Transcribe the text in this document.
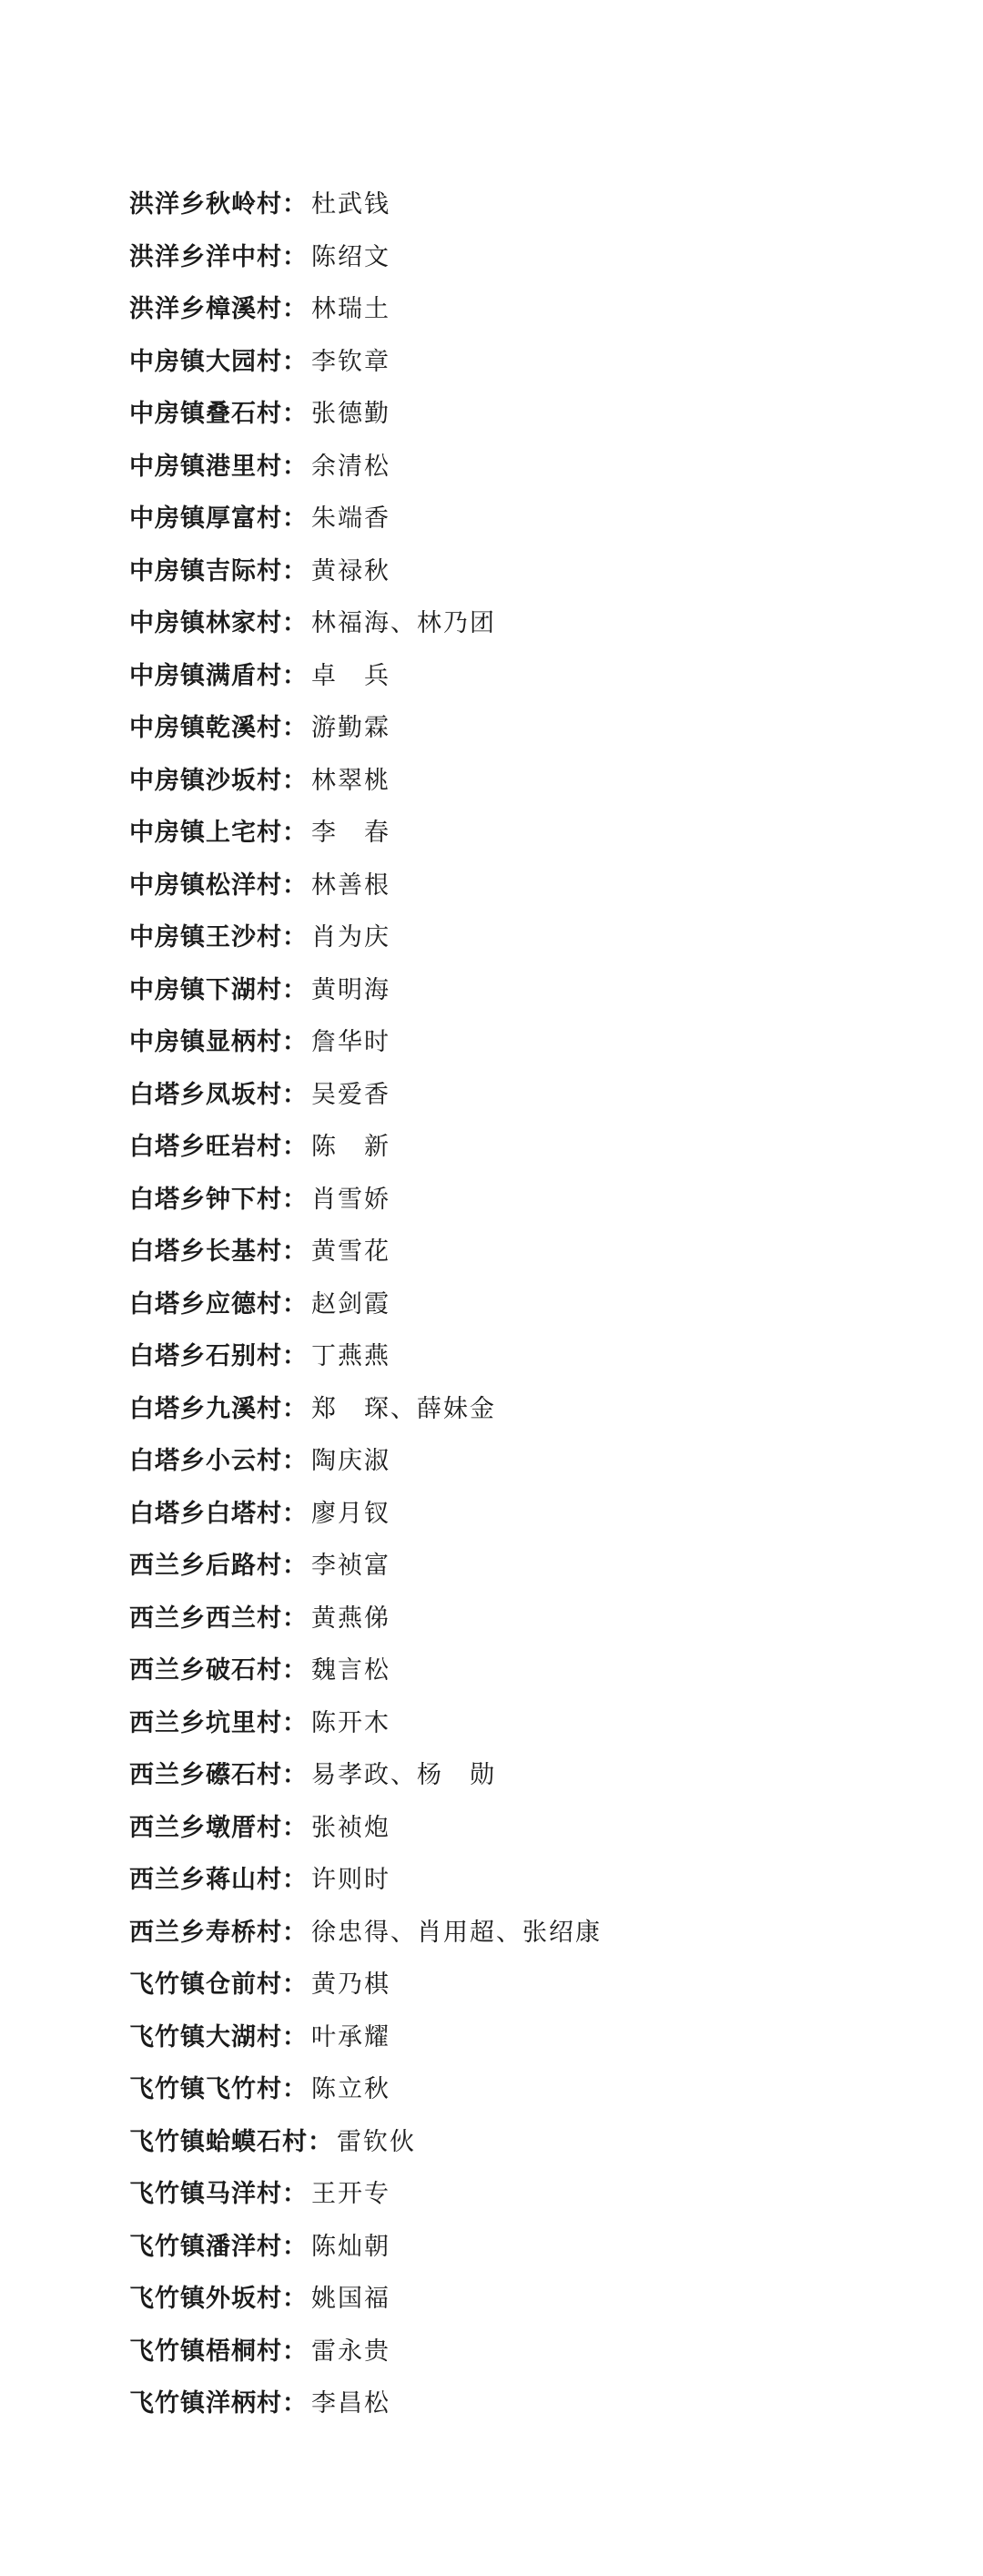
洪洋乡秋岭村： 杜武钱
洪洋乡洋中村： 陈绍文
洪洋乡樟溪村： 林瑞土
中房镇大园村： 李钦章
中房镇叠石村： 张德勤
中房镇港里村： 余清松
中房镇厚富村： 朱端香
中房镇吉际村： 黄禄秋
中房镇林家村： 林福海、林乃团
中房镇满盾村： 卓　兵
中房镇乾溪村： 游勤霖
中房镇沙坂村： 林翠桃
中房镇上宅村： 李　春
中房镇松洋村： 林善根
中房镇王沙村： 肖为庆
中房镇下湖村： 黄明海
中房镇显柄村： 詹华时
白塔乡凤坂村： 吴爱香
白塔乡旺岩村： 陈　新
白塔乡钟下村： 肖雪娇
白塔乡长基村： 黄雪花
白塔乡应德村： 赵剑霞
白塔乡石别村： 丁燕燕
白塔乡九溪村： 郑　琛、薛妹金
白塔乡小云村： 陶庆淑
白塔乡白塔村： 廖月钗
西兰乡后路村： 李祯富
西兰乡西兰村： 黄燕俤
西兰乡破石村： 魏言松
西兰乡坑里村： 陈开木
西兰乡礤石村： 易孝政、杨　勋
西兰乡墩厝村： 张祯炮
西兰乡蒋山村： 许则时
西兰乡寿桥村： 徐忠得、肖用超、张绍康
飞竹镇仓前村： 黄乃棋
飞竹镇大湖村： 叶承耀
飞竹镇飞竹村： 陈立秋
飞竹镇蛤蟆石村： 雷钦伙
飞竹镇马洋村： 王开专
飞竹镇潘洋村： 陈灿朝
飞竹镇外坂村： 姚国福
飞竹镇梧桐村： 雷永贵
飞竹镇洋柄村： 李昌松
